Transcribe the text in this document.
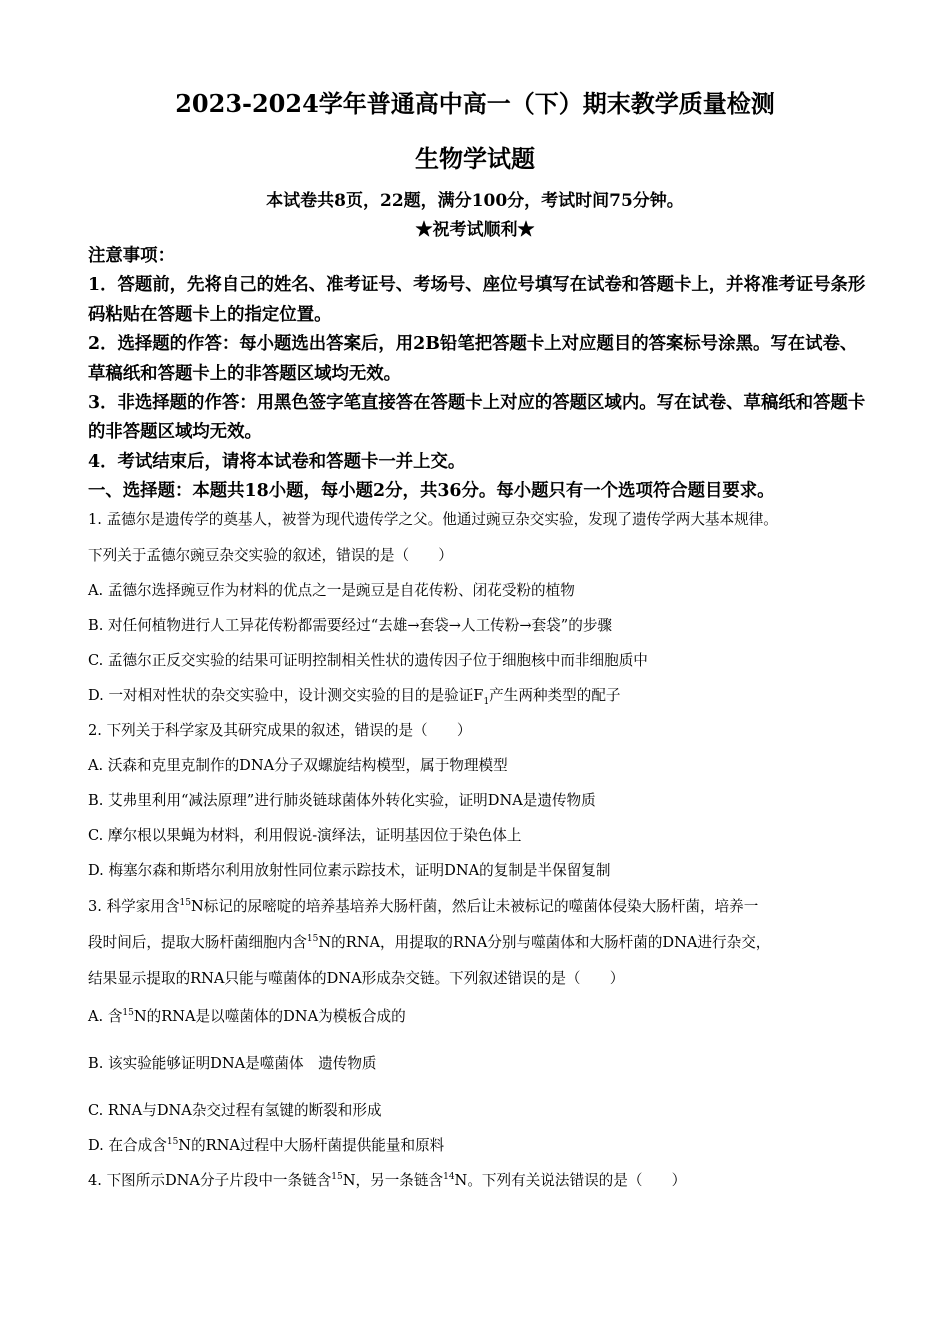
2023-2024学年普通高中高一（下）期末教学质量检测
生物学试题
本试卷共8页，22题，满分100分，考试时间75分钟。
★祝考试顺利★

注意事项：

1．答题前，先将自己的姓名、准考证号、考场号、座位号填写在试卷和答题卡上，并将准考证号条形码粘贴在答题卡上的指定位置。

2．选择题的作答：每小题选出答案后，用2B铅笔把答题卡上对应题目的答案标号涂黑。写在试卷、草稿纸和答题卡上的非答题区域均无效。

3．非选择题的作答：用黑色签字笔直接答在答题卡上对应的答题区域内。写在试卷、草稿纸和答题卡的非答题区域均无效。

4．考试结束后，请将本试卷和答题卡一并上交。

一、选择题：本题共18小题，每小题2分，共36分。每小题只有一个选项符合题目要求。
1. 孟德尔是遗传学的奠基人，被誉为现代遗传学之父。他通过豌豆杂交实验，发现了遗传学两大基本规律。
下列关于孟德尔豌豆杂交实验的叙述，错误的是（　　）
A. 孟德尔选择豌豆作为材料的优点之一是豌豆是自花传粉、闭花受粉的植物
B. 对任何植物进行人工异花传粉都需要经过“去雄→套袋→人工传粉→套袋”的步骤
C. 孟德尔正反交实验的结果可证明控制相关性状的遗传因子位于细胞核中而非细胞质中
D. 一对相对性状的杂交实验中，设计测交实验的目的是验证$F_1$产生两种类型的配子
2. 下列关于科学家及其研究成果的叙述，错误的是（　　）
A. 沃森和克里克制作的DNA分子双螺旋结构模型，属于物理模型
B. 艾弗里利用“减法原理”进行肺炎链球菌体外转化实验，证明DNA是遗传物质
C. 摩尔根以果蝇为材料，利用假说-演绎法，证明基因位于染色体上
D. 梅塞尔森和斯塔尔利用放射性同位素示踪技术，证明DNA的复制是半保留复制
3. 科学家用含$^{15}$N标记的尿嘧啶的培养基培养大肠杆菌，然后让未被标记的噬菌体侵染大肠杆菌，培养一
段时间后，提取大肠杆菌细胞内含$^{15}$N的RNA，用提取的RNA分别与噬菌体和大肠杆菌的DNA进行杂交，
结果显示提取的RNA只能与噬菌体的DNA形成杂交链。下列叙述错误的是（　　）
A. 含$^{15}$N的RNA是以噬菌体的DNA为模板合成的
B. 该实验能够证明DNA是噬菌体　遗传物质
C. RNA与DNA杂交过程有氢键的断裂和形成
D. 在合成含$^{15}$N的RNA过程中大肠杆菌提供能量和原料
4. 下图所示DNA分子片段中一条链含$^{15}$N，另一条链含$^{14}$N。下列有关说法错误的是（　　）
